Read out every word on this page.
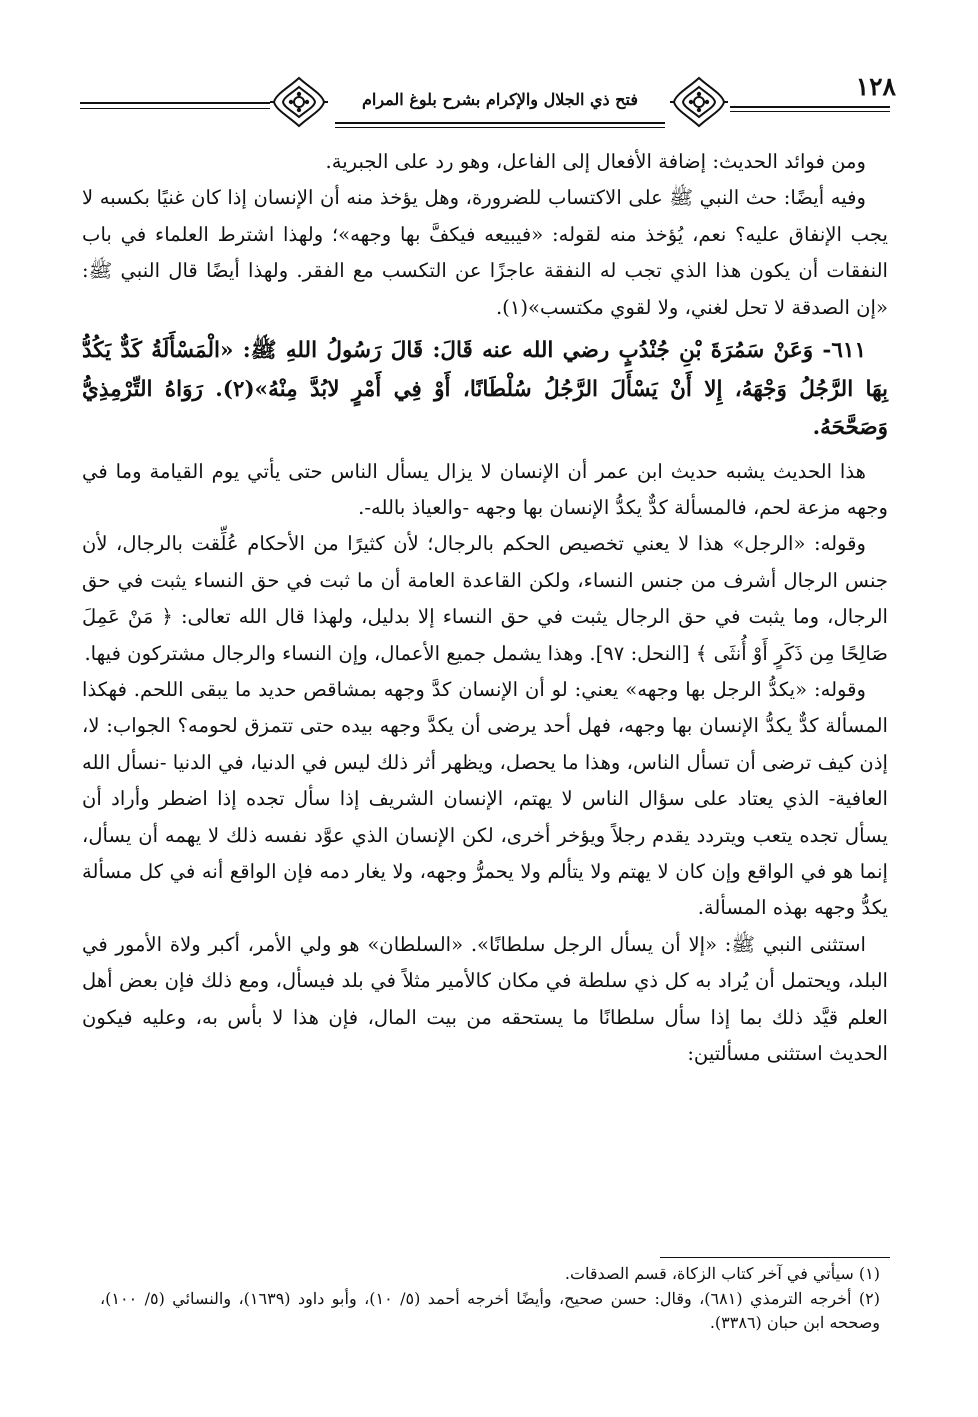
فتح ذي الجلال والإكرام بشرح بلوغ المرام	١٢٨

ومن فوائد الحديث: إضافة الأفعال إلى الفاعل، وهو رد على الجبرية.

وفيه أيضًا: حث النبي ﷺ على الاكتساب للضرورة، وهل يؤخذ منه أن الإنسان إذا كان غنيًا بكسبه لا يجب الإنفاق عليه؟ نعم، يُؤخذ منه لقوله: «فيبيعه فيكفَّ بها وجهه»؛ ولهذا اشترط العلماء في باب النفقات أن يكون هذا الذي تجب له النفقة عاجزًا عن التكسب مع الفقر. ولهذا أيضًا قال النبي ﷺ: «إن الصدقة لا تحل لغني، ولا لقوي مكتسب»(١).

٦١١- وَعَنْ سَمُرَةَ بْنِ جُنْدُبٍ رضي الله عنه قَالَ: قَالَ رَسُولُ اللهِ ﷺ: «الْمَسْأَلَةُ كَدٌّ يَكُدُّ بِهَا الرَّجُلُ وَجْهَهُ، إِلا أَنْ يَسْأَلَ الرَّجُلُ سُلْطَانًا، أَوْ فِي أَمْرٍ لابُدَّ مِنْهُ»(٢). رَوَاهُ التِّرْمِذِيُّ وَصَحَّحَهُ.

هذا الحديث يشبه حديث ابن عمر أن الإنسان لا يزال يسأل الناس حتى يأتي يوم القيامة وما في وجهه مزعة لحم، فالمسألة كدٌّ يكدُّ الإنسان بها وجهه -والعياذ بالله-.

وقوله: «الرجل» هذا لا يعني تخصيص الحكم بالرجال؛ لأن كثيرًا من الأحكام عُلِّقت بالرجال، لأن جنس الرجال أشرف من جنس النساء، ولكن القاعدة العامة أن ما ثبت في حق النساء يثبت في حق الرجال، وما يثبت في حق الرجال يثبت في حق النساء إلا بدليل، ولهذا قال الله تعالى: ﴿ مَنْ عَمِلَ صَالِحًا مِن ذَكَرٍ أَوْ أُنثَى ﴾ [النحل: ٩٧]. وهذا يشمل جميع الأعمال، وإن النساء والرجال مشتركون فيها.

وقوله: «يكدُّ الرجل بها وجهه» يعني: لو أن الإنسان كدَّ وجهه بمشاقص حديد ما يبقى اللحم. فهكذا المسألة كدٌّ يكدُّ الإنسان بها وجهه، فهل أحد يرضى أن يكدَّ وجهه بيده حتى تتمزق لحومه؟ الجواب: لا، إذن كيف ترضى أن تسأل الناس، وهذا ما يحصل، ويظهر أثر ذلك ليس في الدنيا، في الدنيا -نسأل الله العافية- الذي يعتاد على سؤال الناس لا يهتم، الإنسان الشريف إذا سأل تجده إذا اضطر وأراد أن يسأل تجده يتعب ويتردد يقدم رجلاً ويؤخر أخرى، لكن الإنسان الذي عوَّد نفسه ذلك لا يهمه أن يسأل، إنما هو في الواقع وإن كان لا يهتم ولا يتألم ولا يحمرُّ وجهه، ولا يغار دمه فإن الواقع أنه في كل مسألة يكدُّ وجهه بهذه المسألة.

استثنى النبي ﷺ: «إلا أن يسأل الرجل سلطانًا». «السلطان» هو ولي الأمر، أكبر ولاة الأمور في البلد، ويحتمل أن يُراد به كل ذي سلطة في مكان كالأمير مثلاً في بلد فيسأل، ومع ذلك فإن بعض أهل العلم قيَّد ذلك بما إذا سأل سلطانًا ما يستحقه من بيت المال، فإن هذا لا بأس به، وعليه فيكون الحديث استثنى مسألتين:

(١) سيأتي في آخر كتاب الزكاة، قسم الصدقات.

(٢) أخرجه الترمذي (٦٨١)، وقال: حسن صحيح، وأيضًا أخرجه أحمد (٥/ ١٠)، وأبو داود (١٦٣٩)، والنسائي (٥/ ١٠٠)، وصححه ابن حبان (٣٣٨٦).
